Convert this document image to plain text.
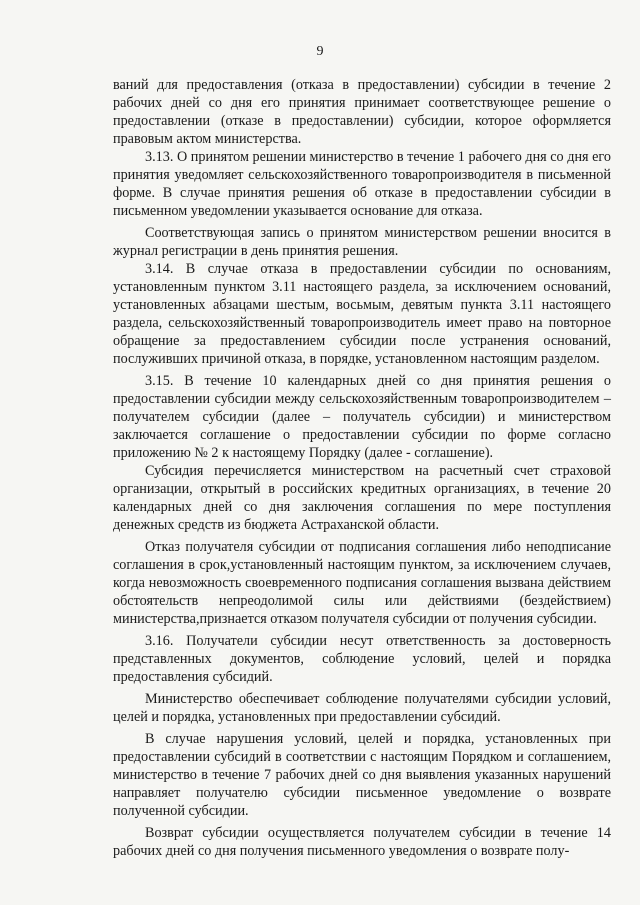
9

ваний для предоставления (отказа в предоставлении) субсидии в течение 2 рабочих дней со дня его принятия принимает соответствующее решение о предоставлении (отказе в предоставлении) субсидии, которое оформляется правовым актом министерства.

3.13. О принятом решении министерство в течение 1 рабочего дня со дня его принятия уведомляет сельскохозяйственного товаропроизводителя в письменной форме. В случае принятия решения об отказе в предоставлении субсидии в письменном уведомлении указывается основание для отказа.

Соответствующая запись о принятом министерством решении вносится в журнал регистрации в день принятия решения.

3.14. В случае отказа в предоставлении субсидии по основаниям, установленным пунктом 3.11 настоящего раздела, за исключением оснований, установленных абзацами шестым, восьмым, девятым пункта 3.11 настоящего раздела, сельскохозяйственный товаропроизводитель имеет право на повторное обращение за предоставлением субсидии после устранения оснований, послуживших причиной отказа, в порядке, установленном настоящим разделом.

3.15. В течение 10 календарных дней со дня принятия решения о предоставлении субсидии между сельскохозяйственным товаропроизводителем – получателем субсидии (далее – получатель субсидии) и министерством заключается соглашение о предоставлении субсидии по форме согласно приложению № 2 к настоящему Порядку (далее - соглашение).

Субсидия перечисляется министерством на расчетный счет страховой организации, открытый в российских кредитных организациях, в течение 20 календарных дней со дня заключения соглашения по мере поступления денежных средств из бюджета Астраханской области.

Отказ получателя субсидии от подписания соглашения либо неподписание соглашения в срок,установленный настоящим пунктом, за исключением случаев, когда невозможность своевременного подписания соглашения вызвана действием обстоятельств непреодолимой силы или действиями (бездействием) министерства,признается отказом получателя субсидии от получения субсидии.

3.16. Получатели субсидии несут ответственность за достоверность представленных документов, соблюдение условий, целей и порядка предоставления субсидий.

Министерство обеспечивает соблюдение получателями субсидии условий, целей и порядка, установленных при предоставлении субсидий.

В случае нарушения условий, целей и порядка, установленных при предоставлении субсидий в соответствии с настоящим Порядком и соглашением, министерство в течение 7 рабочих дней со дня выявления указанных нарушений направляет получателю субсидии письменное уведомление о возврате полученной субсидии.

Возврат субсидии осуществляется получателем субсидии в течение 14 рабочих дней со дня получения письменного уведомления о возврате полу-
